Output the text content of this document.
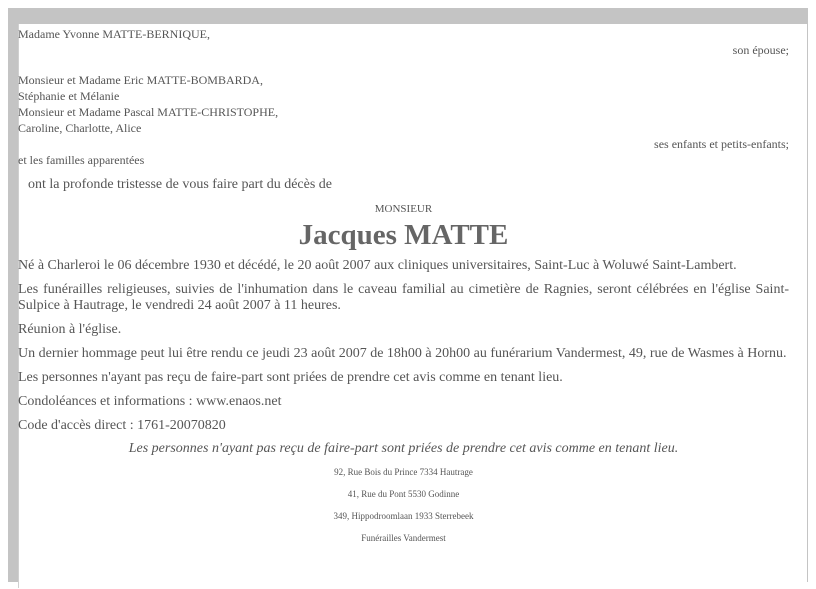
Madame Yvonne MATTE-BERNIQUE,
son épouse;
Monsieur et Madame Eric MATTE-BOMBARDA,
Stéphanie et Mélanie
Monsieur et Madame Pascal MATTE-CHRISTOPHE,
Caroline, Charlotte, Alice
ses enfants et petits-enfants;
et les familles apparentées
ont la profonde tristesse de vous faire part du décès de
MONSIEUR
Jacques MATTE
Né à Charleroi le 06 décembre 1930 et décédé, le 20 août 2007 aux cliniques universitaires, Saint-Luc à Woluwé Saint-Lambert.
Les funérailles religieuses, suivies de l'inhumation dans le caveau familial au cimetière de Ragnies, seront célébrées en l'église Saint-Sulpice à Hautrage, le vendredi 24 août 2007 à 11 heures.
Réunion à l'église.
Un dernier hommage peut lui être rendu ce jeudi 23 août 2007 de 18h00 à 20h00 au funérarium Vandermest, 49, rue de Wasmes à Hornu.
Les personnes n'ayant pas reçu de faire-part sont priées de prendre cet avis comme en tenant lieu.
Condoléances et informations : www.enaos.net
Code d'accès direct : 1761-20070820
Les personnes n'ayant pas reçu de faire-part sont priées de prendre cet avis comme en tenant lieu.
92, Rue Bois du Prince 7334 Hautrage
41, Rue du Pont 5530 Godinne
349, Hippodroomlaan 1933 Sterrebeek
Funérailles Vandermest
